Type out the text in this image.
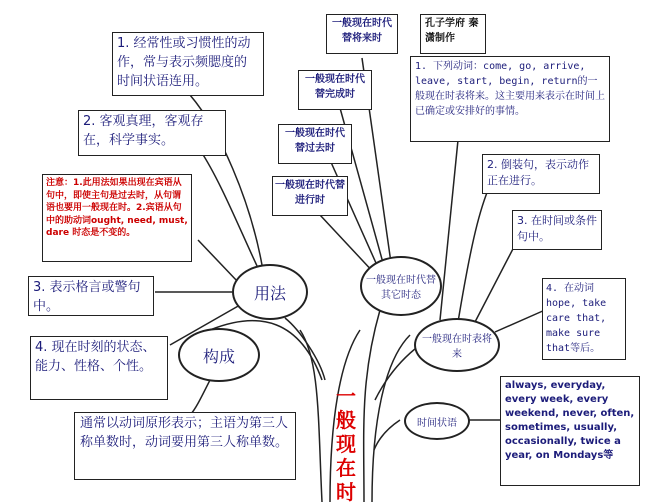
1. 经常性或习惯性的动作，常与表示频腮度的时间状语连用。
2. 客观真理，客观存在，科学事实。
注意：1.此用法如果出现在宾语从句中，即使主句是过去时，从句谓语也要用一般现在时。2.宾语从句中的助动词ought, need, must, dare 时态是不变的。
3. 表示格言或警句中。
4. 现在时刻的状态、能力、性格、个性。
通常以动词原形表示；主语为第三人称单数时，动词要用第三人称单数。
用法
构成
一般现在时代替其它时态
一般现在时表将来
时间状语
一般现在时代替将来时
一般现在时代替完成时
一般现在时代替过去时
一般现在时代替进行时
孔子学府 秦潇制作
1. 下列动词：come, go, arrive, leave, start, begin, return的一般现在时表将来。这主要用来表示在时间上已确定或安排好的事情。
2. 倒装句，表示动作正在进行。
3. 在时间或条件句中。
4. 在动词hope, take care that, make sure that等后。
always, everyday, every week, every weekend, never, often, sometimes, usually, occasionally, twice a year, on Mondays等
一般现在时
